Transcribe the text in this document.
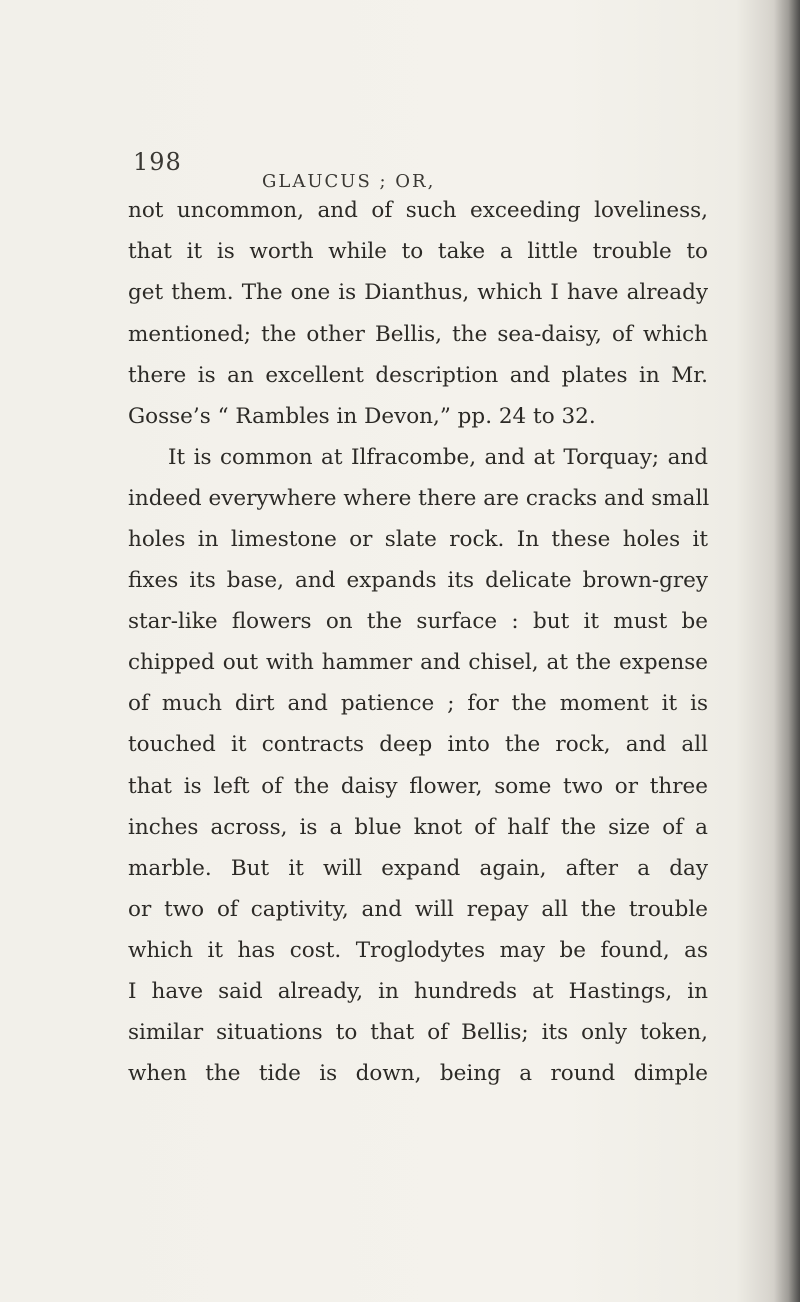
198
GLAUCUS ; OR,
not uncommon, and of such exceeding loveliness,
that it is worth while to take a little trouble to
get them. The one is Dianthus, which I have already
mentioned; the other Bellis, the sea-daisy, of which
there is an excellent description and plates in Mr.
Gosse’s “ Rambles in Devon,” pp. 24 to 32.
It is common at Ilfracombe, and at Torquay; and
indeed everywhere where there are cracks and small
holes in limestone or slate rock. In these holes it
fixes its base, and expands its delicate brown-grey
star-like flowers on the surface : but it must be
chipped out with hammer and chisel, at the expense
of much dirt and patience ; for the moment it is
touched it contracts deep into the rock, and all
that is left of the daisy flower, some two or three
inches across, is a blue knot of half the size of a
marble. But it will expand again, after a day
or two of captivity, and will repay all the trouble
which it has cost. Troglodytes may be found, as
I have said already, in hundreds at Hastings, in
similar situations to that of Bellis; its only token,
when the tide is down, being a round dimple
